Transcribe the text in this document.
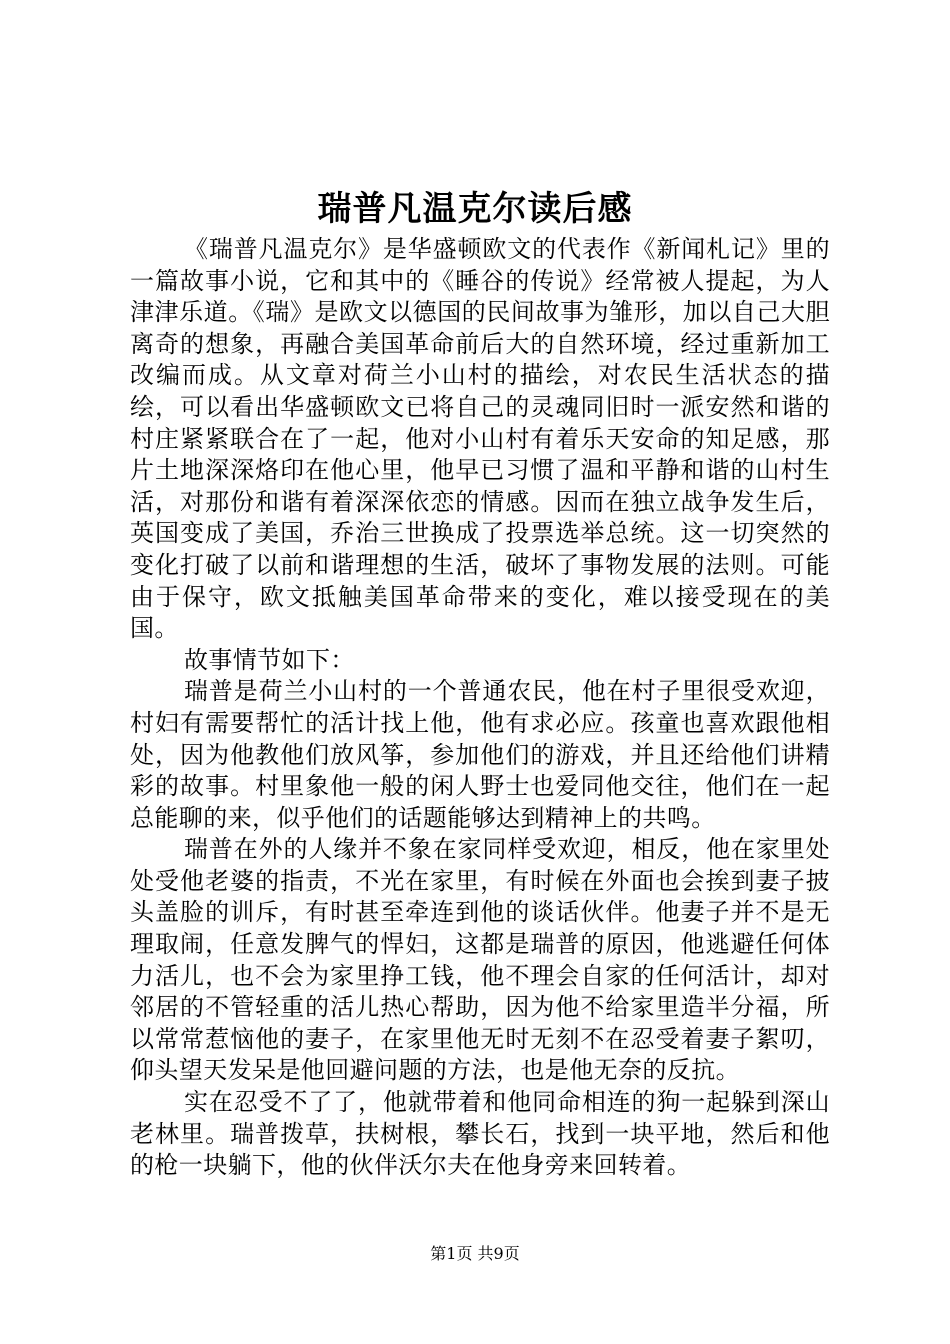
瑞普凡温克尔读后感

《瑞普凡温克尔》是华盛顿欧文的代表作《新闻札记》里的一篇故事小说，它和其中的《睡谷的传说》经常被人提起，为人津津乐道。《瑞》是欧文以德国的民间故事为雏形，加以自己大胆离奇的想象，再融合美国革命前后大的自然环境，经过重新加工改编而成。从文章对荷兰小山村的描绘，对农民生活状态的描绘，可以看出华盛顿欧文已将自己的灵魂同旧时一派安然和谐的村庄紧紧联合在了一起，他对小山村有着乐天安命的知足感，那片土地深深烙印在他心里，他早已习惯了温和平静和谐的山村生活，对那份和谐有着深深依恋的情感。因而在独立战争发生后，英国变成了美国，乔治三世换成了投票选举总统。这一切突然的变化打破了以前和谐理想的生活，破坏了事物发展的法则。可能由于保守，欧文抵触美国革命带来的变化，难以接受现在的美国。

故事情节如下：

瑞普是荷兰小山村的一个普通农民，他在村子里很受欢迎，村妇有需要帮忙的活计找上他，他有求必应。孩童也喜欢跟他相处，因为他教他们放风筝，参加他们的游戏，并且还给他们讲精彩的故事。村里象他一般的闲人野士也爱同他交往，他们在一起总能聊的来，似乎他们的话题能够达到精神上的共鸣。

瑞普在外的人缘并不象在家同样受欢迎，相反，他在家里处处受他老婆的指责，不光在家里，有时候在外面也会挨到妻子披头盖脸的训斥，有时甚至牵连到他的谈话伙伴。他妻子并不是无理取闹，任意发脾气的悍妇，这都是瑞普的原因，他逃避任何体力活儿，也不会为家里挣工钱，他不理会自家的任何活计，却对邻居的不管轻重的活儿热心帮助，因为他不给家里造半分福，所以常常惹恼他的妻子，在家里他无时无刻不在忍受着妻子絮叨，仰头望天发呆是他回避问题的方法，也是他无奈的反抗。

实在忍受不了了，他就带着和他同命相连的狗一起躲到深山老林里。瑞普拨草，扶树根，攀长石，找到一块平地，然后和他的枪一块躺下，他的伙伴沃尔夫在他身旁来回转着。

第1页 共9页
